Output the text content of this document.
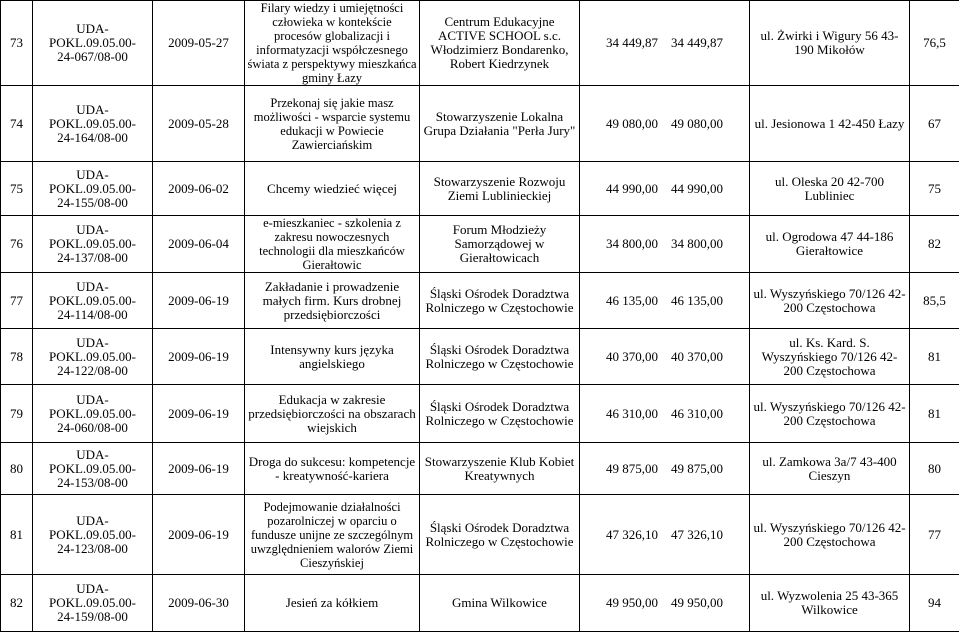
73	UDA-POKL.09.05.00-24-067/08-00	2009-05-27	Filary wiedzy i umiejętności człowieka w kontekście procesów globalizacji i informatyzacji współczesnego świata z perspektywy mieszkańca gminy Łazy	Centrum Edukacyjne ACTIVE SCHOOL s.c. Włodzimierz Bondarenko, Robert Kiedrzynek	34 449,87 34 449,87	ul. Żwirki i Wigury 56 43-190 Mikołów	76,5
74	UDA-POKL.09.05.00-24-164/08-00	2009-05-28	Przekonaj się jakie masz możliwości - wsparcie systemu edukacji w Powiecie Zawierciańskim	Stowarzyszenie Lokalna Grupa Działania "Perła Jury"	49 080,00 49 080,00	ul. Jesionowa 1 42-450 Łazy	67
75	UDA-POKL.09.05.00-24-155/08-00	2009-06-02	Chcemy wiedzieć więcej	Stowarzyszenie Rozwoju Ziemi Lublinieckiej	44 990,00 44 990,00	ul. Oleska 20 42-700 Lubliniec	75
76	UDA-POKL.09.05.00-24-137/08-00	2009-06-04	e-mieszkaniec - szkolenia z zakresu nowoczesnych technologii dla mieszkańców Gierałtowic	Forum Młodzieży Samorządowej w Gierałtowicach	34 800,00 34 800,00	ul. Ogrodowa 47 44-186 Gierałtowice	82
77	UDA-POKL.09.05.00-24-114/08-00	2009-06-19	Zakładanie i prowadzenie małych firm. Kurs drobnej przedsiębiorczości	Śląski Ośrodek Doradztwa Rolniczego w Częstochowie	46 135,00 46 135,00	ul. Wyszyńskiego 70/126 42-200 Częstochowa	85,5
78	UDA-POKL.09.05.00-24-122/08-00	2009-06-19	Intensywny kurs języka angielskiego	Śląski Ośrodek Doradztwa Rolniczego w Częstochowie	40 370,00 40 370,00	ul. Ks. Kard. S. Wyszyńskiego 70/126 42-200 Częstochowa	81
79	UDA-POKL.09.05.00-24-060/08-00	2009-06-19	Edukacja w zakresie przedsiębiorczości na obszarach wiejskich	Śląski Ośrodek Doradztwa Rolniczego w Częstochowie	46 310,00 46 310,00	ul. Wyszyńskiego 70/126 42-200 Częstochowa	81
80	UDA-POKL.09.05.00-24-153/08-00	2009-06-19	Droga do sukcesu: kompetencje - kreatywność-kariera	Stowarzyszenie Klub Kobiet Kreatywnych	49 875,00 49 875,00	ul. Zamkowa 3a/7 43-400 Cieszyn	80
81	UDA-POKL.09.05.00-24-123/08-00	2009-06-19	Podejmowanie działalności pozarolniczej w oparciu o fundusze unijne ze szczególnym uwzględnieniem walorów Ziemi Cieszyńskiej	Śląski Ośrodek Doradztwa Rolniczego w Częstochowie	47 326,10 47 326,10	ul. Wyszyńskiego 70/126 42-200 Częstochowa	77
82	UDA-POKL.09.05.00-24-159/08-00	2009-06-30	Jesień za kółkiem	Gmina Wilkowice	49 950,00 49 950,00	ul. Wyzwolenia 25 43-365 Wilkowice	94
